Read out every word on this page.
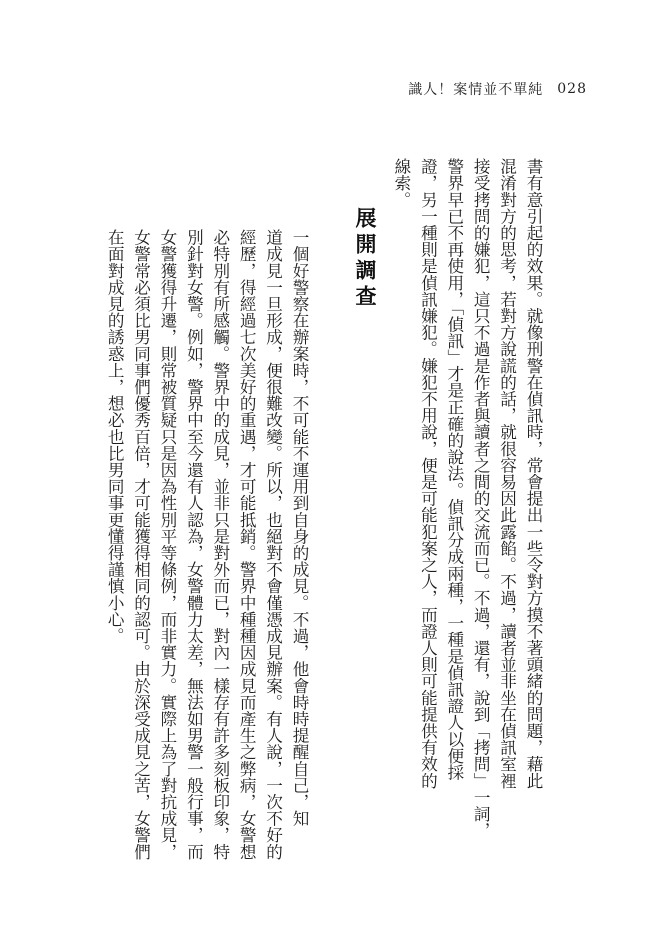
識人！案情並不單純 028

書有意引起的效果。就像刑警在偵訊時，常會提出一些令對方摸不著頭緒的問題，藉此
混淆對方的思考，若對方說謊的話，就很容易因此露餡。不過，讀者並非坐在偵訊室裡
接受拷問的嫌犯，這只不過是作者與讀者之間的交流而已。不過，還有，說到「拷問」一詞，
警界早已不再使用，「偵訊」才是正確的說法。偵訊分成兩種，一種是偵訊證人以便採
證，另一種則是偵訊嫌犯。嫌犯不用說，便是可能犯案之人，而證人則可能提供有效的
線索。

展開調查

一個好警察在辦案時，不可能不運用到自身的成見。不過，他會時時提醒自己，知
道成見一旦形成，便很難改變。所以，也絕對不會僅憑成見辦案。有人說，一次不好的
經歷，得經過七次美好的重遇，才可能抵銷。警界中種種因成見而產生之弊病，女警想
必特別有所感觸。警界中的成見，並非只是對外而已，對內一樣存有許多刻板印象，特
別針對女警。例如，警界中至今還有人認為，女警體力太差，無法如男警一般行事，而
女警獲得升遷，則常被質疑只是因為性別平等條例，而非實力。實際上為了對抗成見，
女警常必須比男同事們優秀百倍，才可能獲得相同的認可。由於深受成見之苦，女警們
在面對成見的誘惑上，想必也比男同事更懂得謹慎小心。
